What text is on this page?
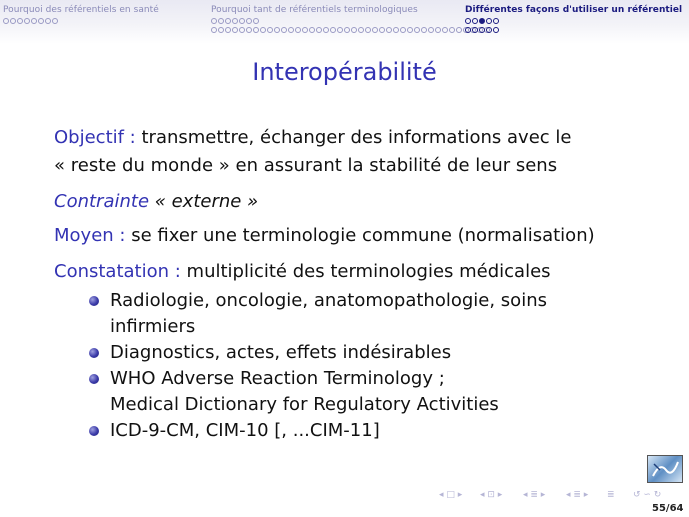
Pourquoi des référentiels en santé	Pourquoi tant de référentiels terminologiques	Différentes façons d'utiliser un référentiel
Interopérabilité
Objectif : transmettre, échanger des informations avec le
« reste du monde » en assurant la stabilité de leur sens
Contrainte « externe »
Moyen : se fixer une terminologie commune (normalisation)
Constatation : multiplicité des terminologies médicales
Radiologie, oncologie, anatomopathologie, soins
infirmiers
Diagnostics, actes, effets indésirables
WHO Adverse Reaction Terminology ;
Medical Dictionary for Regulatory Activities
ICD-9-CM, CIM-10 [, ...CIM-11]
◂ □ ▸ ◂ ⊡ ▸ ◂ ≣ ▸ ◂ ≣ ▸ ≣ ↺ ∽ ↻
55/64
